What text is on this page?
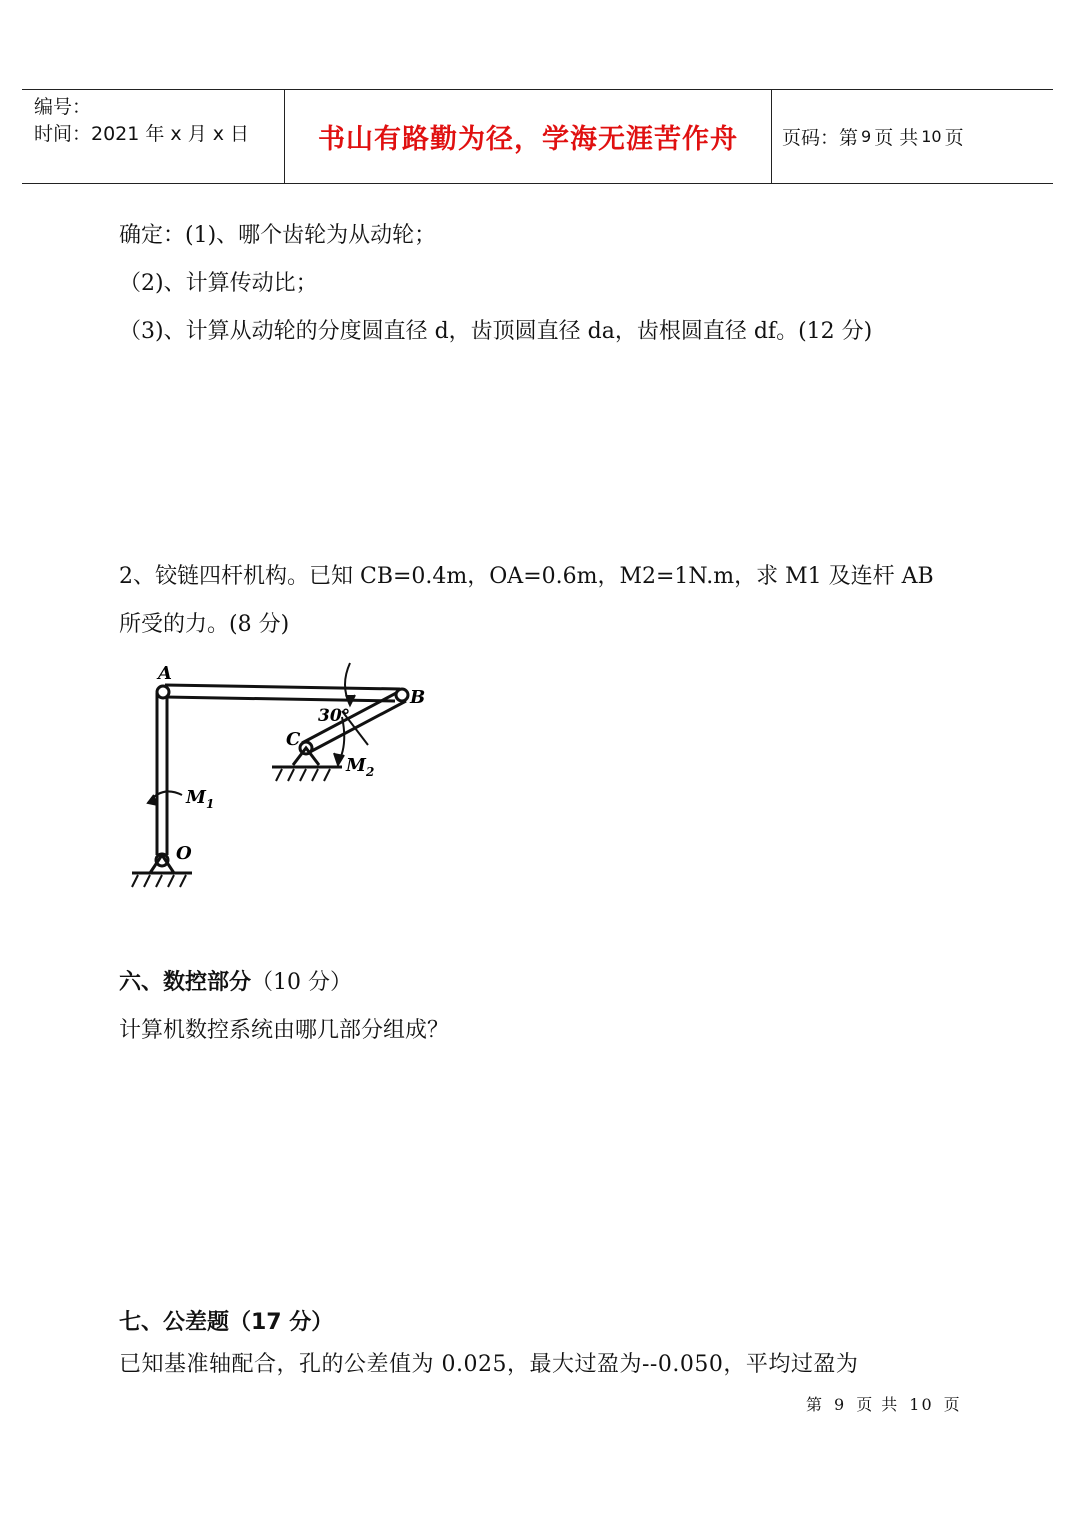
编号：
时间：2021 年 x 月 x 日	书山有路勤为径，学海无涯苦作舟	页码：第 9 页 共 10 页
确定：(1)、哪个齿轮为从动轮；
（2)、计算传动比；
（3)、计算从动轮的分度圆直径 d，齿顶圆直径 da，齿根圆直径 df。(12 分)
2、铰链四杆机构。已知 CB=0.4m，OA=0.6m，M2=1N.m，求 M1 及连杆 AB
所受的力。(8 分)
A
B
C
O
30°
$M_1$
$M_2$
六、数控部分（10 分）
计算机数控系统由哪几部分组成？
七、公差题（17 分）
已知基准轴配合，孔的公差值为 0.025，最大过盈为--0.050，平均过盈为
第 9 页 共 10 页
